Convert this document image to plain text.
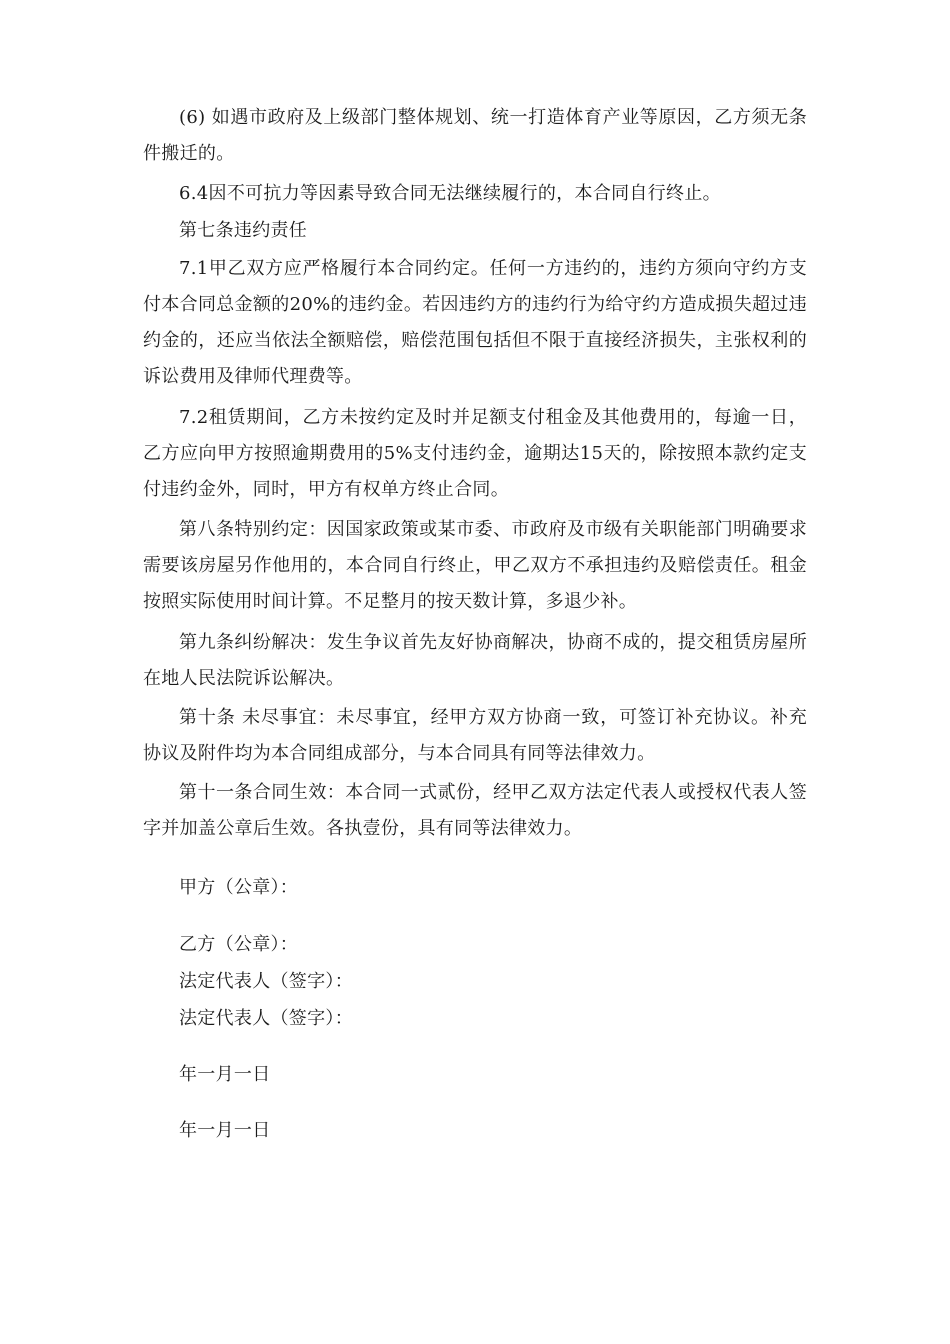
(6) 如遇市政府及上级部门整体规划、统一打造体育产业等原因，乙方须无条件搬迁的。

6.4因不可抗力等因素导致合同无法继续履行的，本合同自行终止。

第七条违约责任

7.1甲乙双方应严格履行本合同约定。任何一方违约的，违约方须向守约方支付本合同总金额的20%的违约金。若因违约方的违约行为给守约方造成损失超过违约金的，还应当依法全额赔偿，赔偿范围包括但不限于直接经济损失，主张权利的诉讼费用及律师代理费等。

7.2租赁期间，乙方未按约定及时并足额支付租金及其他费用的，每逾一日，乙方应向甲方按照逾期费用的5%支付违约金，逾期达15天的，除按照本款约定支付违约金外，同时，甲方有权单方终止合同。

第八条特别约定：因国家政策或某市委、市政府及市级有关职能部门明确要求需要该房屋另作他用的，本合同自行终止，甲乙双方不承担违约及赔偿责任。租金按照实际使用时间计算。不足整月的按天数计算，多退少补。

第九条纠纷解决：发生争议首先友好协商解决，协商不成的，提交租赁房屋所在地人民法院诉讼解决。

第十条 未尽事宜：未尽事宜，经甲方双方协商一致，可签订补充协议。补充协议及附件均为本合同组成部分，与本合同具有同等法律效力。

第十一条合同生效：本合同一式贰份，经甲乙双方法定代表人或授权代表人签字并加盖公章后生效。各执壹份，具有同等法律效力。

甲方（公章）：

乙方（公章）：

法定代表人（签字）：

法定代表人（签字）：

年一月一日

年一月一日
